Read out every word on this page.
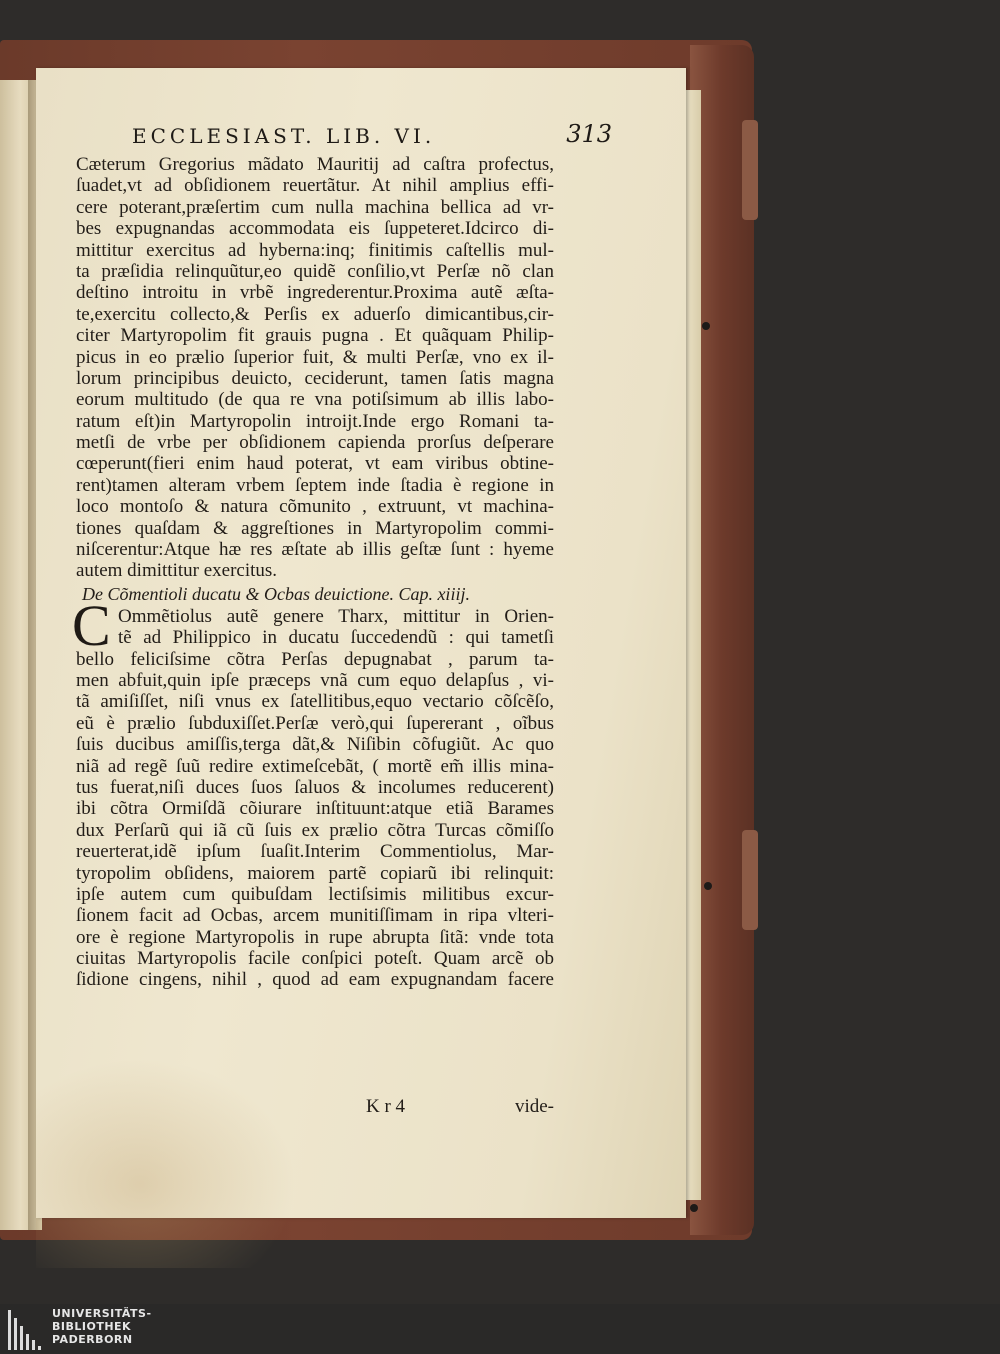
ECCLESIAST. LIB. VI.	313
Cæterum Gregorius mãdato Mauritij ad caſtra profectus,
ſuadet,vt ad obſidionem reuertãtur. At nihil amplius effi-
cere poterant,præſertim cum nulla machina bellica ad vr-
bes expugnandas accommodata eis ſuppeteret.Idcirco di-
mittitur exercitus ad hyberna:inq; finitimis caſtellis mul-
ta præſidia relinquũtur,eo quidẽ conſilio,vt Perſæ nõ clan
deſtino introitu in vrbẽ ingrederentur.Proxima autẽ æſta-
te,exercitu collecto,& Perſis ex aduerſo dimicantibus,cir-
citer Martyropolim fit grauis pugna . Et quãquam Philip-
picus in eo prælio ſuperior fuit, & multi Perſæ, vno ex il-
lorum principibus deuicto, ceciderunt, tamen ſatis magna
eorum multitudo (de qua re vna potiſsimum ab illis labo-
ratum eſt)in Martyropolin introijt.Inde ergo Romani ta-
metſi de vrbe per obſidionem capienda prorſus deſperare
cœperunt(fieri enim haud poterat, vt eam viribus obtine-
rent)tamen alteram vrbem ſeptem inde ſtadia è regione in
loco montoſo & natura cõmunito , extruunt, vt machina-
tiones quaſdam & aggreſtiones in Martyropolim commi-
niſcerentur:Atque hæ res æſtate ab illis geſtæ ſunt : hyeme
autem dimittitur exercitus.
De Cõmentioli ducatu & Ocbas deuictione. Cap. xiiij.
C Ommẽtiolus autẽ genere Tharx, mittitur in Orien-
tẽ ad Philippico in ducatu ſuccedendũ : qui tametſi
bello feliciſsime cõtra Perſas depugnabat , parum ta-
men abfuit,quin ipſe præceps vnã cum equo delapſus , vi-
tã amiſiſſet, niſi vnus ex ſatellitibus,equo vectario cõſcẽſo,
eũ è prælio ſubduxiſſet.Perſæ verò,qui ſupererant , oĩbus
ſuis ducibus amiſſis,terga dãt,& Niſibin cõfugiũt. Ac quo
niã ad regẽ ſuũ redire extimeſcebãt, ( mortẽ em̃ illis mina-
tus fuerat,niſi duces ſuos ſaluos & incolumes reducerent)
ibi cõtra Ormiſdã cõiurare inſtituunt:atque etiã Barames
dux Perſarũ qui iã cũ ſuis ex prælio cõtra Turcas cõmiſſo
reuerterat,idẽ ipſum ſuaſit.Interim Commentiolus, Mar-
tyropolim obſidens, maiorem partẽ copiarũ ibi relinquit:
ipſe autem cum quibuſdam lectiſsimis militibus excur-
ſionem facit ad Ocbas, arcem munitiſſimam in ripa vlteri-
ore è regione Martyropolis in rupe abrupta ſitã: vnde tota
ciuitas Martyropolis facile conſpici poteſt. Quam arcẽ ob
ſidione cingens, nihil , quod ad eam expugnandam facere
K r 4	vide-
UNIVERSITÄTS-
BIBLIOTHEK
PADERBORN
